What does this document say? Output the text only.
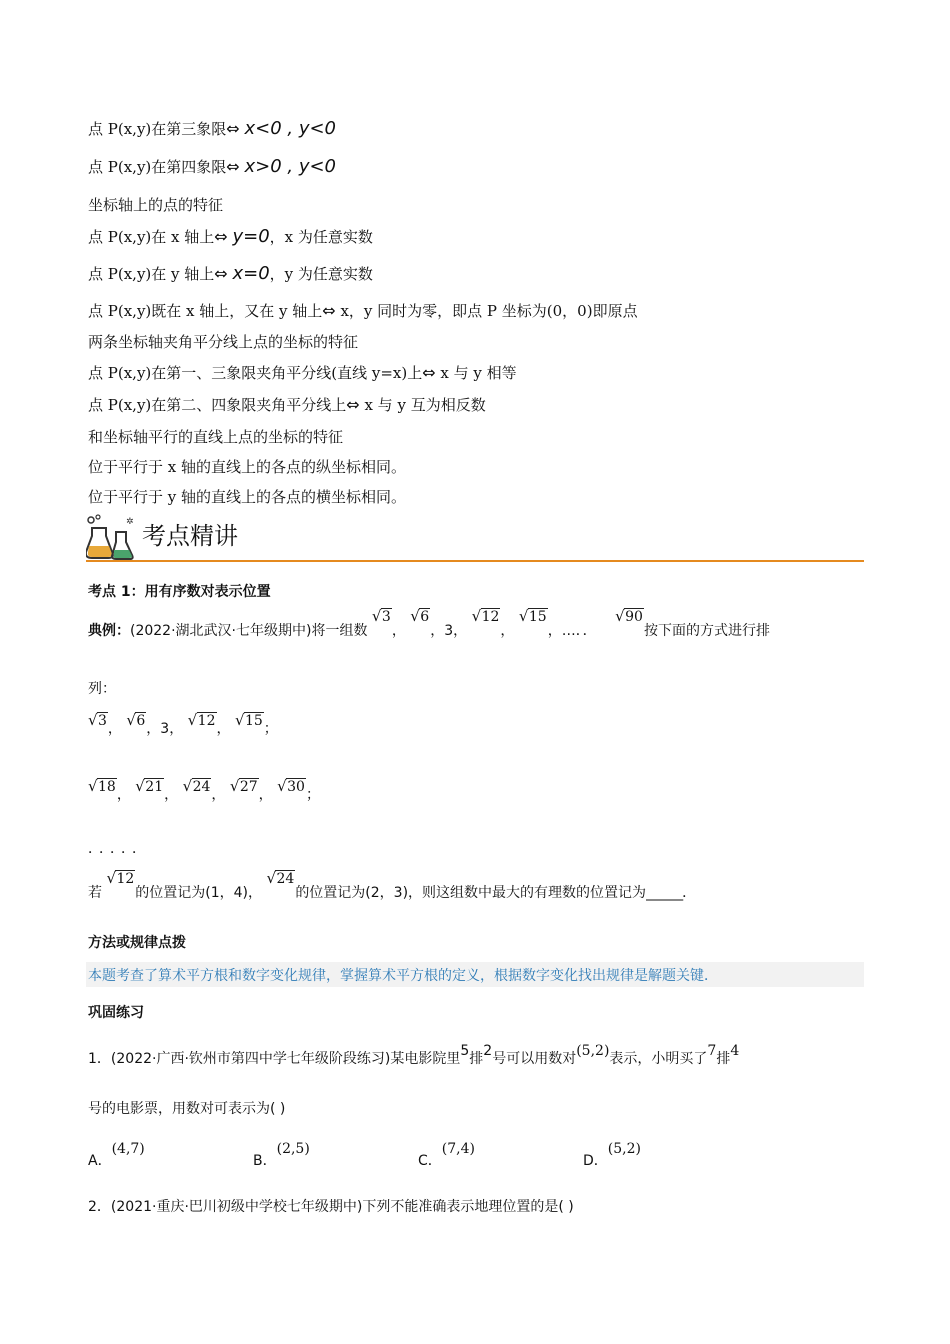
点 P(x,y)在第三象限⇔ x<0 , y<0
点 P(x,y)在第四象限⇔ x>0 , y<0
坐标轴上的点的特征
点 P(x,y)在 x 轴上⇔ y=0，x 为任意实数
点 P(x,y)在 y 轴上⇔ x=0，y 为任意实数
点 P(x,y)既在 x 轴上，又在 y 轴上⇔ x，y 同时为零，即点 P 坐标为(0，0)即原点
两条坐标轴夹角平分线上点的坐标的特征
点 P(x,y)在第一、三象限夹角平分线(直线 y=x)上⇔ x 与 y 相等
点 P(x,y)在第二、四象限夹角平分线上⇔ x 与 y 互为相反数
和坐标轴平行的直线上点的坐标的特征
位于平行于 x 轴的直线上的各点的纵坐标相同。
位于平行于 y 轴的直线上的各点的横坐标相同。
✲ 考点精讲
考点 1：用有序数对表示位置
典例：(2022·湖北武汉·七年级期中)将一组数 √ 3， √ 6，3， √ 12， √ 15，…．． √ 90按下面的方式进行排
列：
√ 3， √ 6，3， √ 12， √ 15；
√ 18， √ 21， √ 24， √ 27， √ 30；
．．．．．
若 √ 12的位置记为(1，4)， √ 24的位置记为(2，3)，则这组数中最大的有理数的位置记为______．
方法或规律点拨
本题考查了算术平方根和数字变化规律，掌握算术平方根的定义，根据数字变化找出规律是解题关键．
巩固练习
1．(2022·广西·钦州市第四中学七年级阶段练习)某电影院里5排2号可以用数对(5,2)表示，小明买了7排4
号的电影票，用数对可表示为( )
A．(4,7)
B．(2,5)
C．(7,4)
D．(5,2)
2．(2021·重庆·巴川初级中学校七年级期中)下列不能准确表示地理位置的是( )
